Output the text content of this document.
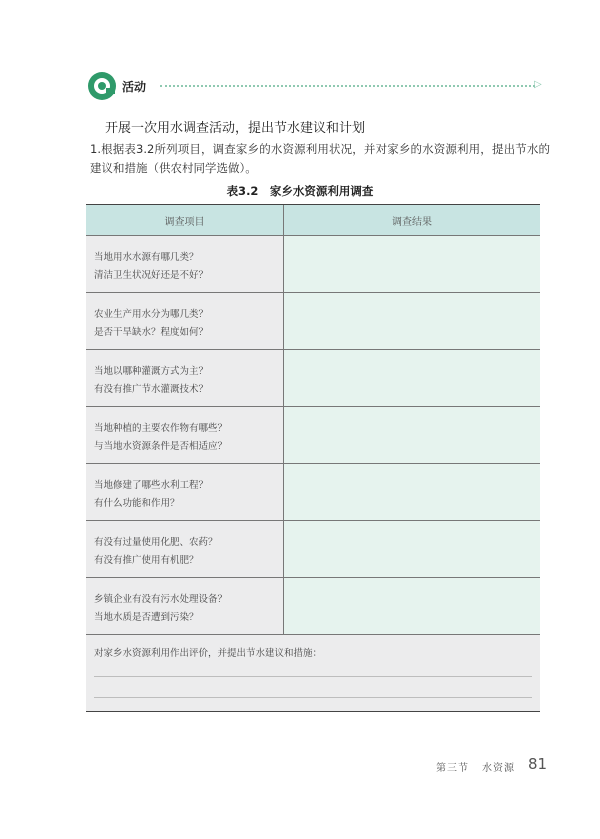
活动	▷
开展一次用水调查活动，提出节水建议和计划
1.根据表3.2所列项目，调查家乡的水资源利用状况，并对家乡的水资源利用，提出节水的建议和措施（供农村同学选做）。
表3.2　家乡水资源利用调查
调查项目	调查结果
当地用水水源有哪几类？
清洁卫生状况好还是不好？
农业生产用水分为哪几类？
是否干旱缺水？程度如何？
当地以哪种灌溉方式为主？
有没有推广节水灌溉技术？
当地种植的主要农作物有哪些？
与当地水资源条件是否相适应？
当地修建了哪些水利工程？
有什么功能和作用？
有没有过量使用化肥、农药？
有没有推广使用有机肥？
乡镇企业有没有污水处理设备？
当地水质是否遭到污染？
对家乡水资源利用作出评价，并提出节水建议和措施：
第三节 水资源 81
